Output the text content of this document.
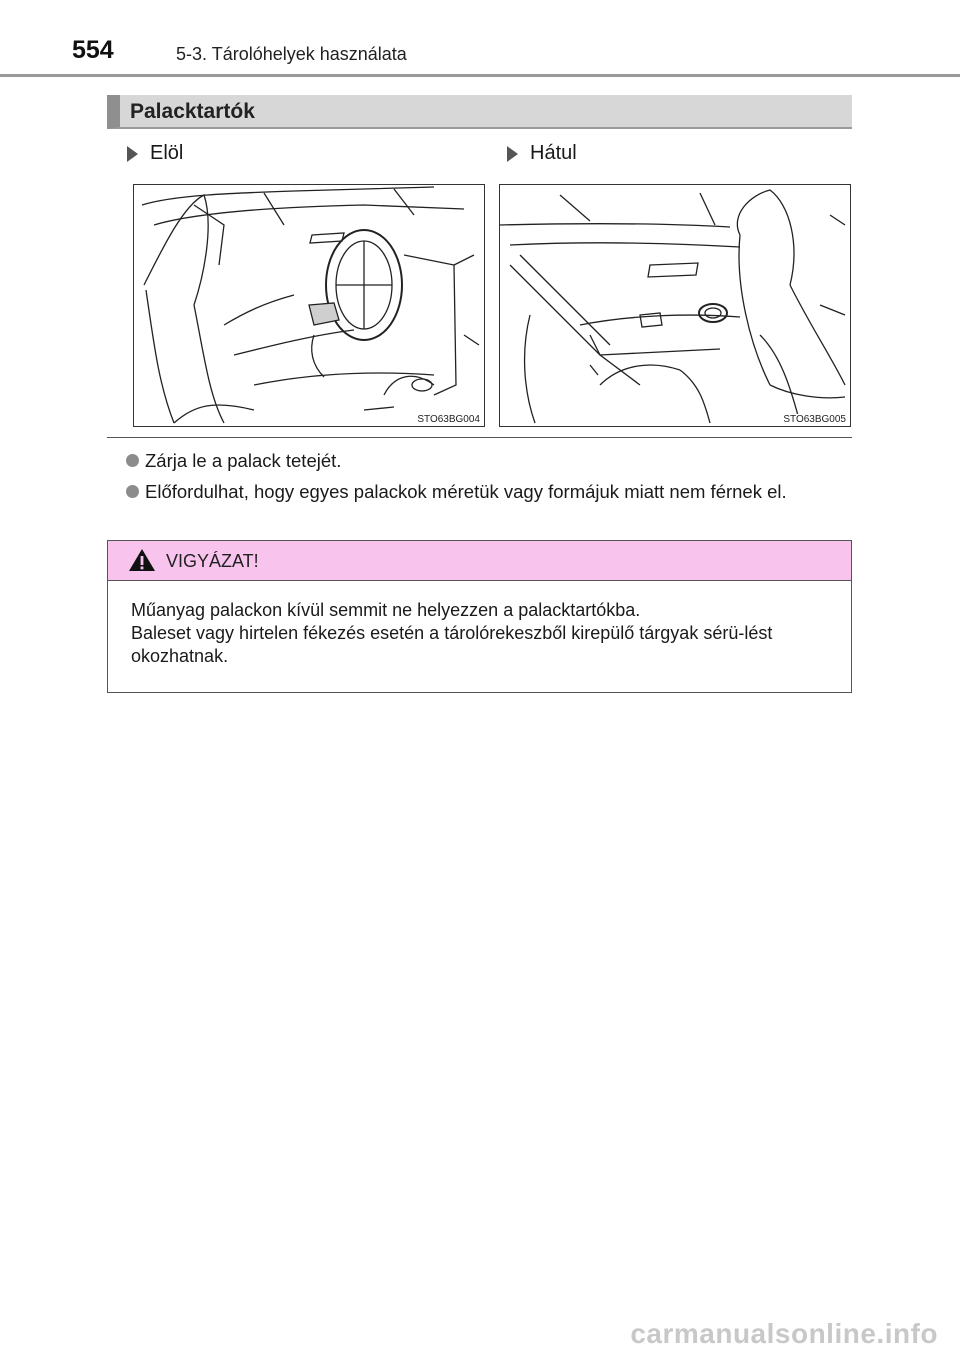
554	5-3. Tárolóhelyek használata
Palacktartók
Elöl	Hátul
STO63BG004	STO63BG005
Zárja le a palack tetejét.
Előfordulhat, hogy egyes palackok méretük vagy formájuk miatt nem férnek el.
VIGYÁZAT!

Műanyag palackon kívül semmit ne helyezzen a palacktartókba.

Baleset vagy hirtelen fékezés esetén a tárolórekeszből kirepülő tárgyak sérü-lést okozhatnak.

carmanualsonline.info
